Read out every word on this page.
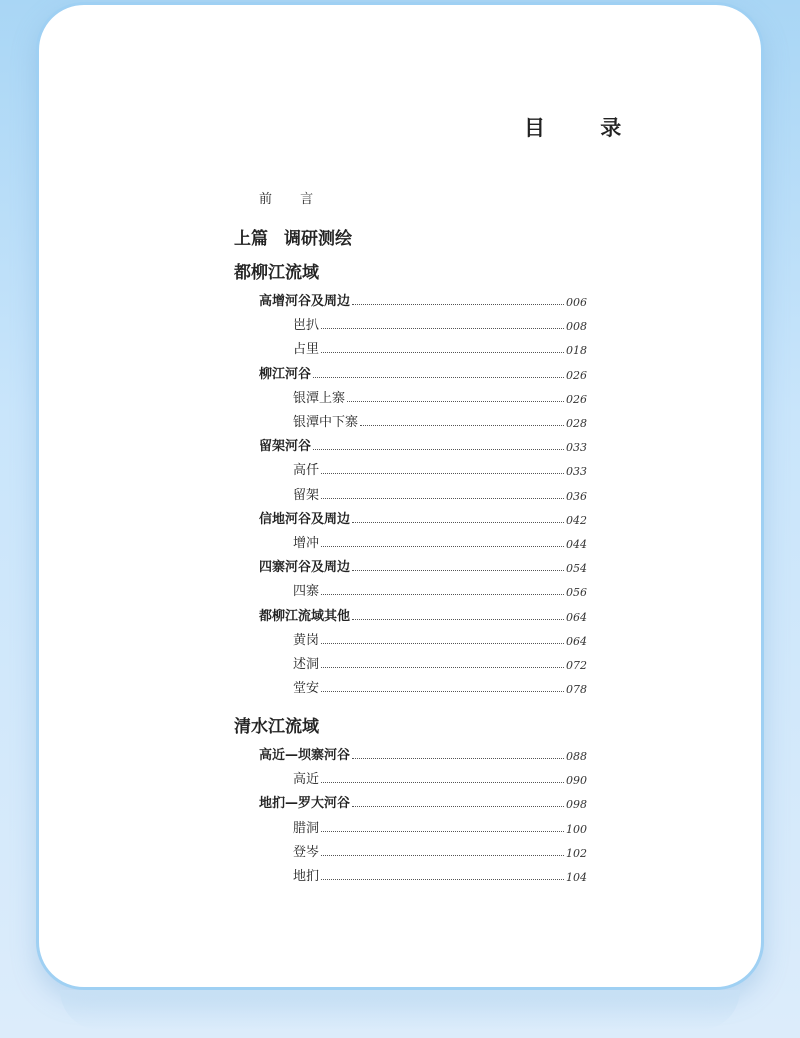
目 录
前 言
上篇 调研测绘
都柳江流域
清水江流域
高增河谷及周边	006
岜扒	008
占里	018
柳江河谷	026
银潭上寨	026
银潭中下寨	028
留架河谷	033
高仟	033
留架	036
信地河谷及周边	042
增冲	044
四寨河谷及周边	054
四寨	056
都柳江流域其他	064
黄岗	064
述洞	072
堂安	078
高近—坝寨河谷	088
高近	090
地扪—罗大河谷	098
腊洞	100
登岑	102
地扪	104
